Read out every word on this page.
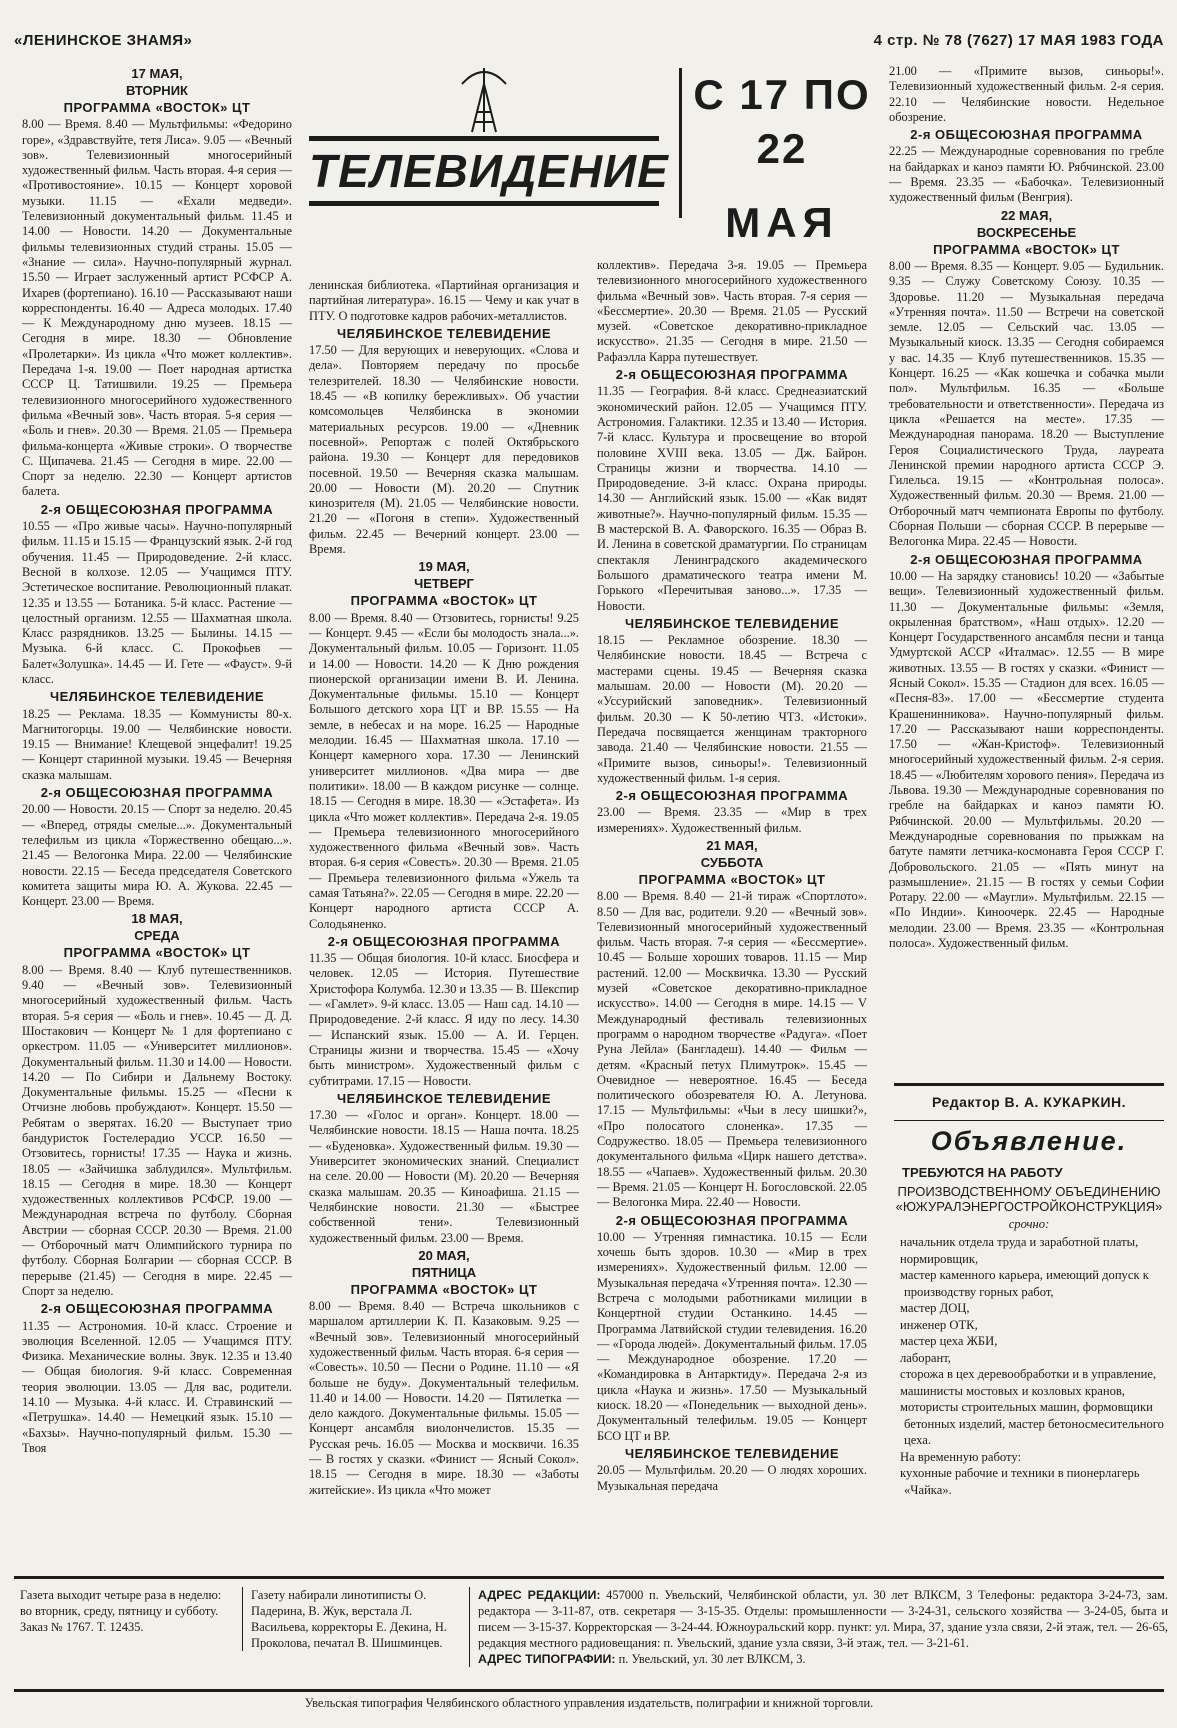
«ЛЕНИНСКОЕ ЗНАМЯ»	4 стр. № 78 (7627) 17 МАЯ 1983 ГОДА
17 МАЯ,
ВТОРНИК
ПРОГРАММА «ВОСТОК» ЦТ

8.00 — Время. 8.40 — Мультфильмы: «Федорино горе», «Здравствуйте, тетя Лиса». 9.05 — «Вечный зов». Телевизионный многосерийный художественный фильм. Часть вторая. 4-я серия — «Противостояние». 10.15 — Концерт хоровой музыки. 11.15 — «Ехали медведи». Телевизионный документальный фильм. 11.45 и 14.00 — Новости. 14.20 — Документальные фильмы телевизионных студий страны. 15.05 — «Знание — сила». Научно-популярный журнал. 15.50 — Играет заслуженный артист РСФСР А. Ихарев (фортепиано). 16.10 — Рассказывают наши корреспонденты. 16.40 — Адреса молодых. 17.40 — К Международному дню музеев. 18.15 — Сегодня в мире. 18.30 — Обновление «Пролетарки». Из цикла «Что может коллектив». Передача 1-я. 19.00 — Поет народная артистка СССР Ц. Татишвили. 19.25 — Премьера телевизионного многосерийного художественного фильма «Вечный зов». Часть вторая. 5-я серия — «Боль и гнев». 20.30 — Время. 21.05 — Премьера фильма-концерта «Живые строки». О творчестве С. Щипачева. 21.45 — Сегодня в мире. 22.00 — Спорт за неделю. 22.30 — Концерт артистов балета.

2-я ОБЩЕСОЮЗНАЯ ПРОГРАММА

10.55 — «Про живые часы». Научно-популярный фильм. 11.15 и 15.15 — Французский язык. 2-й год обучения. 11.45 — Природоведение. 2-й класс. Весной в колхозе. 12.05 — Учащимся ПТУ. Эстетическое воспитание. Революционный плакат. 12.35 и 13.55 — Ботаника. 5-й класс. Растение — целостный организм. 12.55 — Шахматная школа. Класс разрядников. 13.25 — Былины. 14.15 — Музыка. 6-й класс. С. Прокофьев — Балет«Золушка». 14.45 — И. Гете — «Фауст». 9-й класс.

ЧЕЛЯБИНСКОЕ ТЕЛЕВИДЕНИЕ

18.25 — Реклама. 18.35 — Коммунисты 80-х. Магнитогорцы. 19.00 — Челябинские новости. 19.15 — Внимание! Клещевой энцефалит! 19.25 — Концерт старинной музыки. 19.45 — Вечерняя сказка малышам.

2-я ОБЩЕСОЮЗНАЯ ПРОГРАММА

20.00 — Новости. 20.15 — Спорт за неделю. 20.45 — «Вперед, отряды смелые...». Документальный телефильм из цикла «Торжественно обещаю...». 21.45 — Велогонка Мира. 22.00 — Челябинские новости. 22.15 — Беседа председателя Советского комитета защиты мира Ю. А. Жукова. 22.45 — Концерт. 23.00 — Время.

18 МАЯ,
СРЕДА
ПРОГРАММА «ВОСТОК» ЦТ

8.00 — Время. 8.40 — Клуб путешественников. 9.40 — «Вечный зов». Телевизионный многосерийный художественный фильм. Часть вторая. 5-я серия — «Боль и гнев». 10.45 — Д. Д. Шостакович — Концерт № 1 для фортепиано с оркестром. 11.05 — «Университет миллионов». Документальный фильм. 11.30 и 14.00 — Новости. 14.20 — По Сибири и Дальнему Востоку. Документальные фильмы. 15.25 — «Песни к Отчизне любовь пробуждают». Концерт. 15.50 — Ребятам о зверятах. 16.20 — Выступает трио бандуристок Гостелерадио УССР. 16.50 — Отзовитесь, горнисты! 17.35 — Наука и жизнь. 18.05 — «Зайчишка заблудился». Мультфильм. 18.15 — Сегодня в мире. 18.30 — Концерт художественных коллективов РСФСР. 19.00 — Международная встреча по футболу. Сборная Австрии — сборная СССР. 20.30 — Время. 21.00 — Отборочный матч Олимпийского турнира по футболу. Сборная Болгарии — сборная СССР. В перерыве (21.45) — Сегодня в мире. 22.45 — Спорт за неделю.

2-я ОБЩЕСОЮЗНАЯ ПРОГРАММА

11.35 — Астрономия. 10-й класс. Строение и эволюция Вселенной. 12.05 — Учащимся ПТУ. Физика. Механические волны. Звук. 12.35 и 13.40 — Общая биология. 9-й класс. Современная теория эволюции. 13.05 — Для вас, родители. 14.10 — Музыка. 4-й класс. И. Стравинский — «Петрушка». 14.40 — Немецкий язык. 15.10 — «Бахзы». Научно-популярный фильм. 15.30 — Твоя

ТЕЛЕВИДЕНИЕ
С 17 ПО 22
МАЯ

ленинская библиотека. «Партийная организация и партийная литература». 16.15 — Чему и как учат в ПТУ. О подготовке кадров рабочих-металлистов.

ЧЕЛЯБИНСКОЕ ТЕЛЕВИДЕНИЕ

17.50 — Для верующих и неверующих. «Слова и дела». Повторяем передачу по просьбе телезрителей. 18.30 — Челябинские новости. 18.45 — «В копилку бережливых». Об участии комсомольцев Челябинска в экономии материальных ресурсов. 19.00 — «Дневник посевной». Репортаж с полей Октябрьского района. 19.30 — Концерт для передовиков посевной. 19.50 — Вечерняя сказка малышам. 20.00 — Новости (М). 20.20 — Спутник кинозрителя (М). 21.05 — Челябинские новости. 21.20 — «Погоня в степи». Художественный фильм. 22.45 — Вечерний концерт. 23.00 — Время.

19 МАЯ,
ЧЕТВЕРГ
ПРОГРАММА «ВОСТОК» ЦТ

8.00 — Время. 8.40 — Отзовитесь, горнисты! 9.25 — Концерт. 9.45 — «Если бы молодость знала...». Документальный фильм. 10.05 — Горизонт. 11.05 и 14.00 — Новости. 14.20 — К Дню рождения пионерской организации имени В. И. Ленина. Документальные фильмы. 15.10 — Концерт Большого детского хора ЦТ и ВР. 15.55 — На земле, в небесах и на море. 16.25 — Народные мелодии. 16.45 — Шахматная школа. 17.10 — Концерт камерного хора. 17.30 — Ленинский университет миллионов. «Два мира — две политики». 18.00 — В каждом рисунке — солнце. 18.15 — Сегодня в мире. 18.30 — «Эстафета». Из цикла «Что может коллектив». Передача 2-я. 19.05 — Премьера телевизионного многосерийного художественного фильма «Вечный зов». Часть вторая. 6-я серия «Совесть». 20.30 — Время. 21.05 — Премьера телевизионного фильма «Ужель та самая Татьяна?». 22.05 — Сегодня в мире. 22.20 — Концерт народного артиста СССР А. Солодьяненко.

2-я ОБЩЕСОЮЗНАЯ ПРОГРАММА

11.35 — Общая биология. 10-й класс. Биосфера и человек. 12.05 — История. Путешествие Христофора Колумба. 12.30 и 13.35 — В. Шекспир — «Гамлет». 9-й класс. 13.05 — Наш сад. 14.10 — Природоведение. 2-й класс. Я иду по лесу. 14.30 — Испанский язык. 15.00 — А. И. Герцен. Страницы жизни и творчества. 15.45 — «Хочу быть министром». Художественный фильм с субтитрами. 17.15 — Новости.

ЧЕЛЯБИНСКОЕ ТЕЛЕВИДЕНИЕ

17.30 — «Голос и орган». Концерт. 18.00 — Челябинские новости. 18.15 — Наша почта. 18.25 — «Буденовка». Художественный фильм. 19.30 — Университет экономических знаний. Специалист на селе. 20.00 — Новости (М). 20.20 — Вечерняя сказка малышам. 20.35 — Киноафиша. 21.15 — Челябинские новости. 21.30 — «Быстрее собственной тени». Телевизионный художественный фильм. 23.00 — Время.

20 МАЯ,
ПЯТНИЦА
ПРОГРАММА «ВОСТОК» ЦТ

8.00 — Время. 8.40 — Встреча школьников с маршалом артиллерии К. П. Казаковым. 9.25 — «Вечный зов». Телевизионный многосерийный художественный фильм. Часть вторая. 6-я серия — «Совесть». 10.50 — Песни о Родине. 11.10 — «Я больше не буду». Документальный телефильм. 11.40 и 14.00 — Новости. 14.20 — Пятилетка — дело каждого. Документальные фильмы. 15.05 — Концерт ансамбля виолончелистов. 15.35 — Русская речь. 16.05 — Москва и москвичи. 16.35 — В гостях у сказки. «Финист — Ясный Сокол». 18.15 — Сегодня в мире. 18.30 — «Заботы житейские». Из цикла «Что может

коллектив». Передача 3-я. 19.05 — Премьера телевизионного многосерийного художественного фильма «Вечный зов». Часть вторая. 7-я серия — «Бессмертие». 20.30 — Время. 21.05 — Русский музей. «Советское декоративно-прикладное искусство». 21.35 — Сегодня в мире. 21.50 — Рафаэлла Карра путешествует.

2-я ОБЩЕСОЮЗНАЯ ПРОГРАММА

11.35 — География. 8-й класс. Среднеазиатский экономический район. 12.05 — Учащимся ПТУ. Астрономия. Галактики. 12.35 и 13.40 — История. 7-й класс. Культура и просвещение во второй половине XVIII века. 13.05 — Дж. Байрон. Страницы жизни и творчества. 14.10 — Природоведение. 3-й класс. Охрана природы. 14.30 — Английский язык. 15.00 — «Как видят животные?». Научно-популярный фильм. 15.35 — В мастерской В. А. Фаворского. 16.35 — Образ В. И. Ленина в советской драматургии. По страницам спектакля Ленинградского академического Большого драматического театра имени М. Горького «Перечитывая заново...». 17.35 — Новости.

ЧЕЛЯБИНСКОЕ ТЕЛЕВИДЕНИЕ

18.15 — Рекламное обозрение. 18.30 — Челябинские новости. 18.45 — Встреча с мастерами сцены. 19.45 — Вечерняя сказка малышам. 20.00 — Новости (М). 20.20 — «Уссурийский заповедник». Телевизионный фильм. 20.30 — К 50-летию ЧТЗ. «Истоки». Передача посвящается женщинам тракторного завода. 21.40 — Челябинские новости. 21.55 — «Примите вызов, синьоры!». Телевизионный художественный фильм. 1-я серия.

2-я ОБЩЕСОЮЗНАЯ ПРОГРАММА

23.00 — Время. 23.35 — «Мир в трех измерениях». Художественный фильм.

21 МАЯ,
СУББОТА
ПРОГРАММА «ВОСТОК» ЦТ

8.00 — Время. 8.40 — 21-й тираж «Спортлото». 8.50 — Для вас, родители. 9.20 — «Вечный зов». Телевизионный многосерийный художественный фильм. Часть вторая. 7-я серия — «Бессмертие». 10.45 — Больше хороших товаров. 11.15 — Мир растений. 12.00 — Москвичка. 13.30 — Русский музей «Советское декоративно-прикладное искусство». 14.00 — Сегодня в мире. 14.15 — V Международный фестиваль телевизионных программ о народном творчестве «Радуга». «Поет Руна Лейла» (Бангладеш). 14.40 — Фильм — детям. «Красный петух Плимутрок». 15.45 — Очевидное — невероятное. 16.45 — Беседа политического обозревателя Ю. А. Летунова. 17.15 — Мультфильмы: «Чьи в лесу шишки?», «Про полосатого слоненка». 17.35 — Содружество. 18.05 — Премьера телевизионного документального фильма «Цирк нашего детства». 18.55 — «Чапаев». Художественный фильм. 20.30 — Время. 21.05 — Концерт Н. Богословской. 22.05 — Велогонка Мира. 22.40 — Новости.

2-я ОБЩЕСОЮЗНАЯ ПРОГРАММА

10.00 — Утренняя гимнастика. 10.15 — Если хочешь быть здоров. 10.30 — «Мир в трех измерениях». Художественный фильм. 12.00 — Музыкальная передача «Утренняя почта». 12.30 — Встреча с молодыми работниками милиции в Концертной студии Останкино. 14.45 — Программа Латвийской студии телевидения. 16.20 — «Города людей». Документальный фильм. 17.05 — Международное обозрение. 17.20 — «Командировка в Антарктиду». Передача 2-я из цикла «Наука и жизнь». 17.50 — Музыкальный киоск. 18.20 — «Понедельник — выходной день». Документальный телефильм. 19.05 — Концерт БСО ЦТ и ВР.

ЧЕЛЯБИНСКОЕ ТЕЛЕВИДЕНИЕ

20.05 — Мультфильм. 20.20 — О людях хороших. Музыкальная передача

21.00 — «Примите вызов, синьоры!». Телевизионный художественный фильм. 2-я серия. 22.10 — Челябинские новости. Недельное обозрение.

2-я ОБЩЕСОЮЗНАЯ ПРОГРАММА

22.25 — Международные соревнования по гребле на байдарках и каноэ памяти Ю. Рябчинской. 23.00 — Время. 23.35 — «Бабочка». Телевизионный художественный фильм (Венгрия).

22 МАЯ,
ВОСКРЕСЕНЬЕ
ПРОГРАММА «ВОСТОК» ЦТ

8.00 — Время. 8.35 — Концерт. 9.05 — Будильник. 9.35 — Служу Советскому Союзу. 10.35 — Здоровье. 11.20 — Музыкальная передача «Утренняя почта». 11.50 — Встречи на советской земле. 12.05 — Сельский час. 13.05 — Музыкальный киоск. 13.35 — Сегодня собираемся у вас. 14.35 — Клуб путешественников. 15.35 — Концерт. 16.25 — «Как кошечка и собачка мыли пол». Мультфильм. 16.35 — «Больше требовательности и ответственности». Передача из цикла «Решается на месте». 17.35 — Международная панорама. 18.20 — Выступление Героя Социалистического Труда, лауреата Ленинской премии народного артиста СССР Э. Гилельса. 19.15 — «Контрольная полоса». Художественный фильм. 20.30 — Время. 21.00 — Отборочный матч чемпионата Европы по футболу. Сборная Польши — сборная СССР. В перерыве — Велогонка Мира. 22.45 — Новости.

2-я ОБЩЕСОЮЗНАЯ ПРОГРАММА

10.00 — На зарядку становись! 10.20 — «Забытые вещи». Телевизионный художественный фильм. 11.30 — Документальные фильмы: «Земля, окрыленная братством», «Наш отдых». 12.20 — Концерт Государственного ансамбля песни и танца Удмуртской АССР «Италмас». 12.55 — В мире животных. 13.55 — В гостях у сказки. «Финист — Ясный Сокол». 15.35 — Стадион для всех. 16.05 — «Песня-83». 17.00 — «Бессмертие студента Крашенинникова». Научно-популярный фильм. 17.20 — Рассказывают наши корреспонденты. 17.50 — «Жан-Кристоф». Телевизионный многосерийный художественный фильм. 2-я серия. 18.45 — «Любителям хорового пения». Передача из Львова. 19.30 — Международные соревнования по гребле на байдарках и каноэ памяти Ю. Рябчинской. 20.00 — Мультфильмы. 20.20 — Международные соревнования по прыжкам на батуте памяти летчика-космонавта Героя СССР Г. Добровольского. 21.05 — «Пять минут на размышление». 21.15 — В гостях у семьи Софии Ротару. 22.00 — «Маугли». Мультфильм. 22.15 — «По Индии». Киноочерк. 22.45 — Народные мелодии. 23.00 — Время. 23.35 — «Контрольная полоса». Художественный фильм.

Редактор В. А. КУКАРКИН.
Объявление.
ТРЕБУЮТСЯ НА РАБОТУ
ПРОИЗВОДСТВЕННОМУ ОБЪЕДИНЕНИЮ «ЮЖУРАЛЭНЕРГОСТРОЙКОНСТРУКЦИЯ»
срочно:
начальник отдела труда и заработной платы,
нормировщик,
мастер каменного карьера, имеющий допуск к производству горных работ,
мастер ДОЦ,
инженер ОТК,
мастер цеха ЖБИ,
лаборант,
сторожа в цех деревообработки и в управление,
машинисты мостовых и козловых кранов,
мотористы строительных машин, формовщики бетонных изделий, мастер бетоносмесительного цеха.
На временную работу:
кухонные рабочие и техники в пионерлагерь «Чайка».

Газета выходит четыре раза в неделю: во вторник, среду, пятницу и субботу.

Заказ № 1767. Т. 12435.

Газету набирали линотиписты О. Падерина, В. Жук, верстала Л. Васильева, корректоры Е. Декина, Н. Проколова, печатал В. Шишминцев.

АДРЕС РЕДАКЦИИ: 457000 п. Увельский, Челябинской области, ул. 30 лет ВЛКСМ, 3 Телефоны: редактора 3-24-73, зам. редактора — 3-11-87, отв. секретаря — 3-15-35. Отделы: промышленности — 3-24-31, сельского хозяйства — 3-24-05, быта и писем — 3-15-37. Корректорская — 3-24-44. Южноуральский корр. пункт: ул. Мира, 37, здание узла связи, 2-й этаж, тел. — 26-65, редакция местного радиовещания: п. Увельский, здание узла связи, 3-й этаж, тел. — 3-21-61.

АДРЕС ТИПОГРАФИИ: п. Увельский, ул. 30 лет ВЛКСМ, 3.

Увельская типография Челябинского областного управления издательств, полиграфии и книжной торговли.
